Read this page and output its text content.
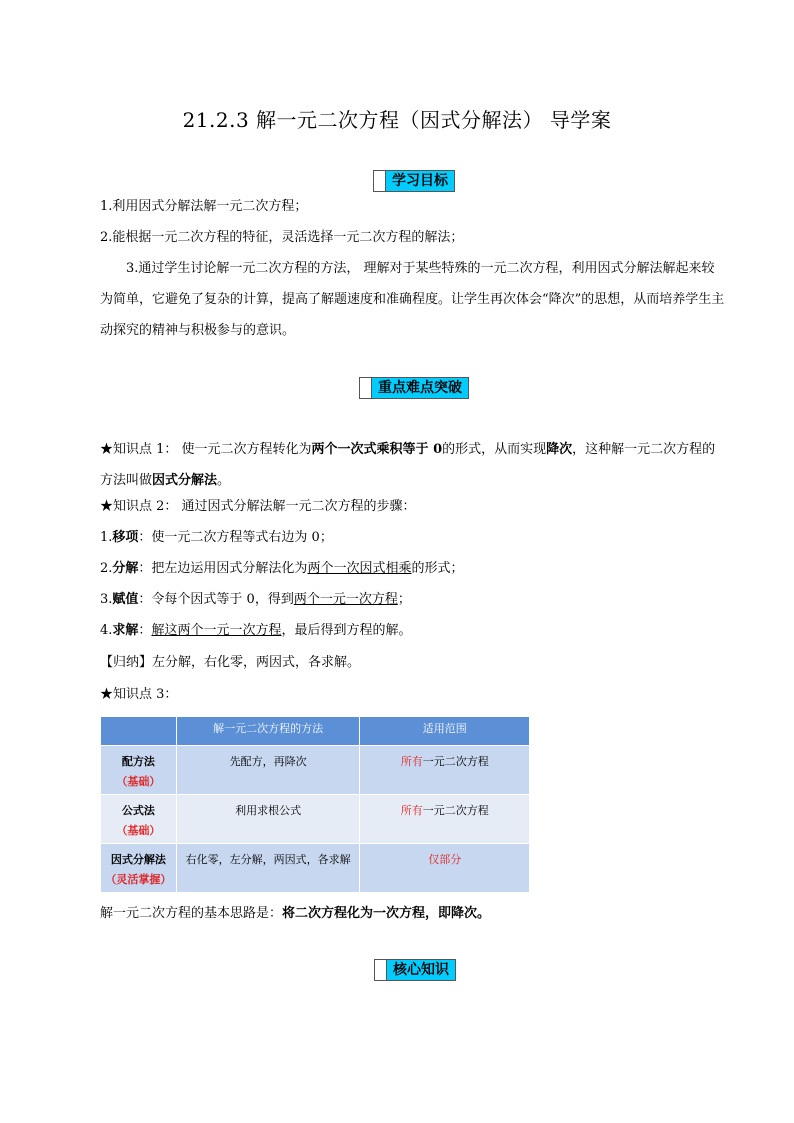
21.2.3 解一元二次方程（因式分解法） 导学案
学习目标
1.利用因式分解法解一元二次方程；
2.能根据一元二次方程的特征，灵活选择一元二次方程的解法；
3.通过学生讨论解一元二次方程的方法， 理解对于某些特殊的一元二次方程，利用因式分解法解起来较为简单，它避免了复杂的计算，提高了解题速度和准确程度。让学生再次体会“降次”的思想，从而培养学生主动探究的精神与积极参与的意识。
重点难点突破
★知识点 1： 使一元二次方程转化为两个一次式乘积等于 0的形式，从而实现降次，这种解一元二次方程的方法叫做因式分解法。
★知识点 2： 通过因式分解法解一元二次方程的步骤：
1.移项：使一元二次方程等式右边为 0；
2.分解：把左边运用因式分解法化为两个一次因式相乘的形式；
3.赋值：令每个因式等于 0，得到两个一元一次方程；
4.求解：解这两个一元一次方程，最后得到方程的解。
【归纳】左分解，右化零，两因式，各求解。
★知识点 3：
	解一元二次方程的方法	适用范围

配方法
（基础）	先配方，再降次	所有一元二次方程

公式法
（基础）	利用求根公式	所有一元二次方程

因式分解法
（灵活掌握）	右化零，左分解，两因式，各求解	仅部分
解一元二次方程的基本思路是：将二次方程化为一次方程，即降次。
核心知识
